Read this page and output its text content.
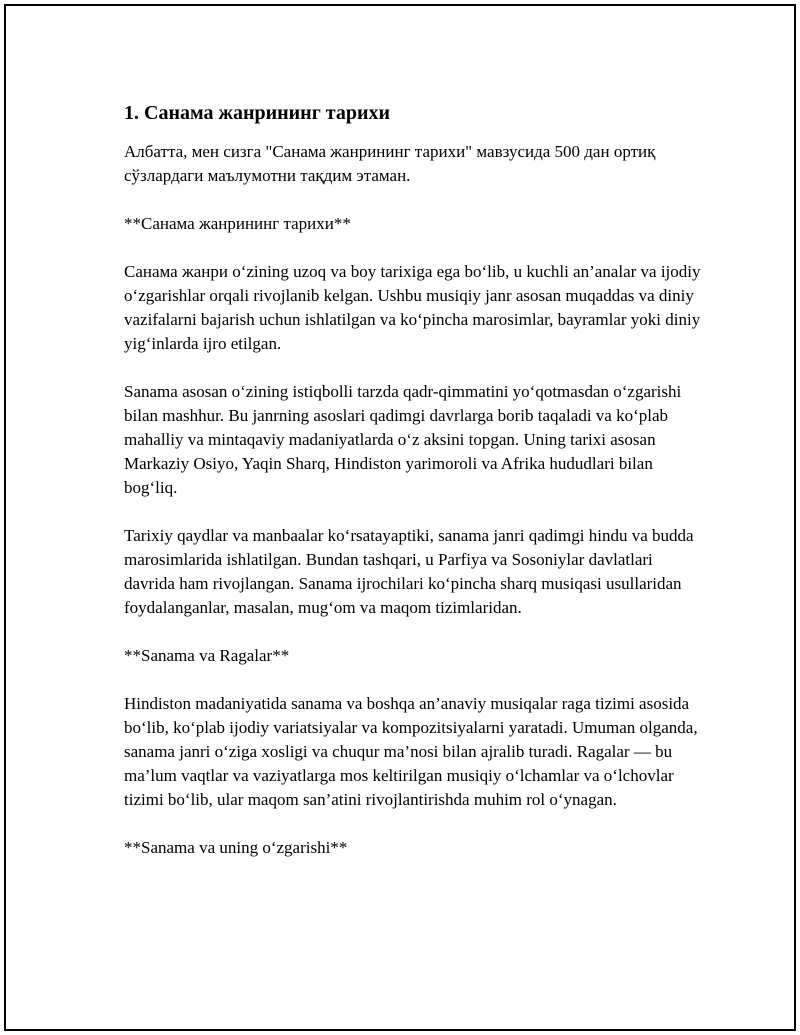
1. Санама жанрининг тарихи

Албатта, мен сизга "Санама жанрининг тарихи" мавзусида 500 дан ортиқ сўзлардаги маълумотни тақдим этаман.

**Санама жанрининг тарихи**

Санама жанри o‘zining uzoq va boy tarixiga ega bo‘lib, u kuchli an’analar va ijodiy o‘zgarishlar orqali rivojlanib kelgan. Ushbu musiqiy janr asosan muqaddas va diniy vazifalarni bajarish uchun ishlatilgan va ko‘pincha marosimlar, bayramlar yoki diniy yig‘inlarda ijro etilgan.

Sanama asosan o‘zining istiqbolli tarzda qadr-qimmatini yo‘qotmasdan o‘zgarishi bilan mashhur. Bu janrning asoslari qadimgi davrlarga borib taqaladi va ko‘plab mahalliy va mintaqaviy madaniyatlarda o‘z aksini topgan. Uning tarixi asosan Markaziy Osiyo, Yaqin Sharq, Hindiston yarimoroli va Afrika hududlari bilan bog‘liq.

Tarixiy qaydlar va manbaalar ko‘rsatayaptiki, sanama janri qadimgi hindu va budda marosimlarida ishlatilgan. Bundan tashqari, u Parfiya va Sosoniylar davlatlari davrida ham rivojlangan. Sanama ijrochilari ko‘pincha sharq musiqasi usullaridan foydalanganlar, masalan, mug‘om va maqom tizimlaridan.

**Sanama va Ragalar**

Hindiston madaniyatida sanama va boshqa an’anaviy musiqalar raga tizimi asosida bo‘lib, ko‘plab ijodiy variatsiyalar va kompozitsiyalarni yaratadi. Umuman olganda, sanama janri o‘ziga xosligi va chuqur ma’nosi bilan ajralib turadi. Ragalar — bu ma’lum vaqtlar va vaziyatlarga mos keltirilgan musiqiy o‘lchamlar va o‘lchovlar tizimi bo‘lib, ular maqom san’atini rivojlantirishda muhim rol o‘ynagan.

**Sanama va uning o‘zgarishi**
